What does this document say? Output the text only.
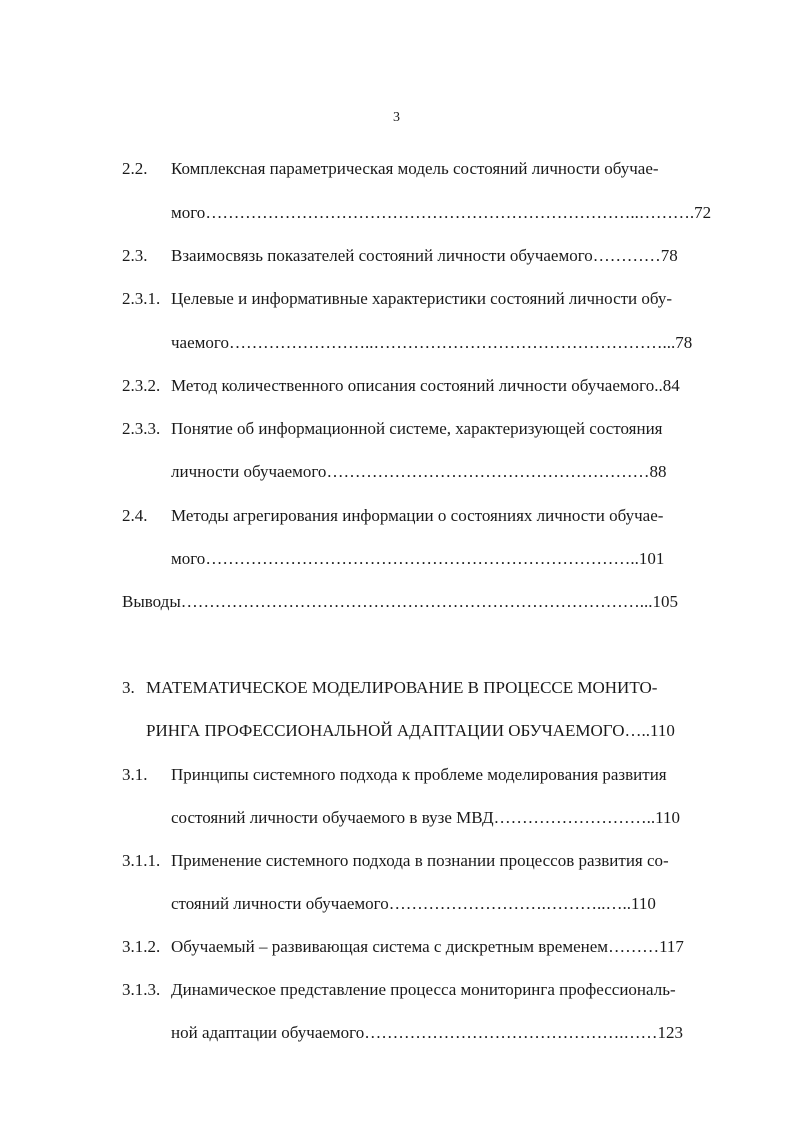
3
2.2. Комплексная параметрическая модель состояний личности обучае-
мого…………………………………………………………………..……….72
2.3. Взаимосвязь показателей состояний личности обучаемого…………78
2.3.1. Целевые и информативные характеристики состояний личности обу-
чаемого……………………..……………………………………………...78
2.3.2. Метод количественного описания состояний личности обучаемого..84
2.3.3. Понятие об информационной системе, характеризующей состояния
личности обучаемого…………………………………………………88
2.4. Методы агрегирования информации о состояниях личности обучае-
мого…………………………………………………………………..101
Выводы………………………………………………………………………...105
3. МАТЕМАТИЧЕСКОЕ МОДЕЛИРОВАНИЕ В ПРОЦЕССЕ МОНИТО-
РИНГА ПРОФЕССИОНАЛЬНОЙ АДАПТАЦИИ ОБУЧАЕМОГО…..110
3.1. Принципы системного подхода к проблеме моделирования развития
состояний личности обучаемого в вузе МВД………………………..110
3.1.1. Применение системного подхода в познании процессов развития со-
стояний личности обучаемого……………………….………..…..110
3.1.2. Обучаемый – развивающая система с дискретным временем………117
3.1.3. Динамическое представление процесса мониторинга профессиональ-
ной адаптации обучаемого……………………………………….……123
